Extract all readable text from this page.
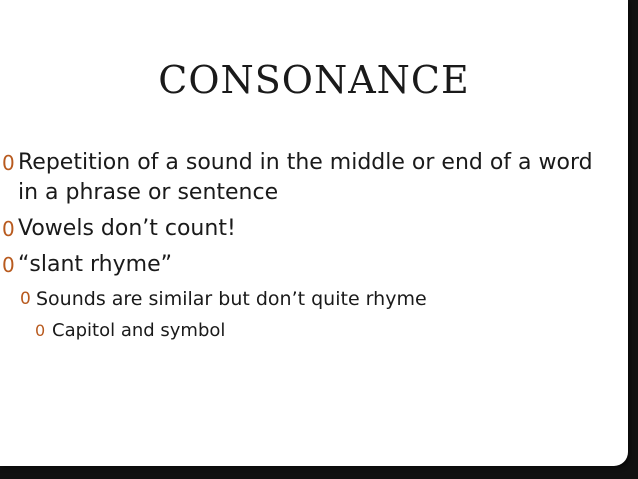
CONSONANCE
0 Repetition of a sound in the middle or end of a word in a phrase or sentence
0 Vowels don’t count!
0 “slant rhyme”
0 Sounds are similar but don’t quite rhyme
0 Capitol and symbol
